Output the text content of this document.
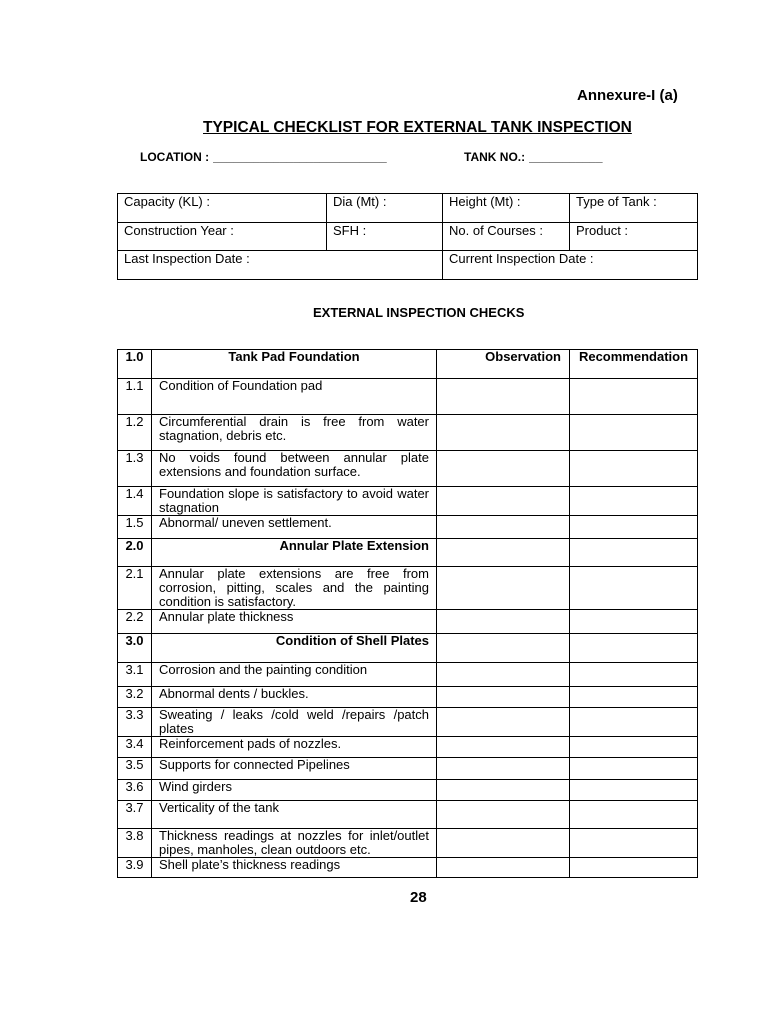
Annexure-I (a)
TYPICAL CHECKLIST FOR EXTERNAL TANK INSPECTION
LOCATION : __________________________	TANK NO.: ___________
Capacity (KL) :	Dia (Mt) :	Height (Mt) :	Type of Tank :
Construction Year :	SFH :	No. of Courses :	Product :
Last Inspection Date :		Current Inspection Date :	
EXTERNAL INSPECTION CHECKS
1.0	Tank Pad Foundation	Observation	Recommendation
1.1	Condition of Foundation pad		
1.2	Circumferential drain is free from water stagnation, debris etc.		
1.3	No voids found between annular plate extensions and foundation surface.		
1.4	Foundation slope is satisfactory to avoid water stagnation		
1.5	Abnormal/ uneven settlement.		
2.0	Annular Plate Extension		
2.1	Annular plate extensions are free from corrosion, pitting, scales and the painting condition is satisfactory.		
2.2	Annular plate thickness		
3.0	Condition of Shell Plates		
3.1	Corrosion and the painting condition		
3.2	Abnormal dents / buckles.		
3.3	Sweating / leaks /cold weld /repairs /patch plates		
3.4	Reinforcement pads of nozzles.		
3.5	Supports for connected Pipelines		
3.6	Wind girders		
3.7	Verticality of the tank		
3.8	Thickness readings at nozzles for inlet/outlet pipes, manholes, clean outdoors etc.		
3.9	Shell plate’s thickness readings		
28
